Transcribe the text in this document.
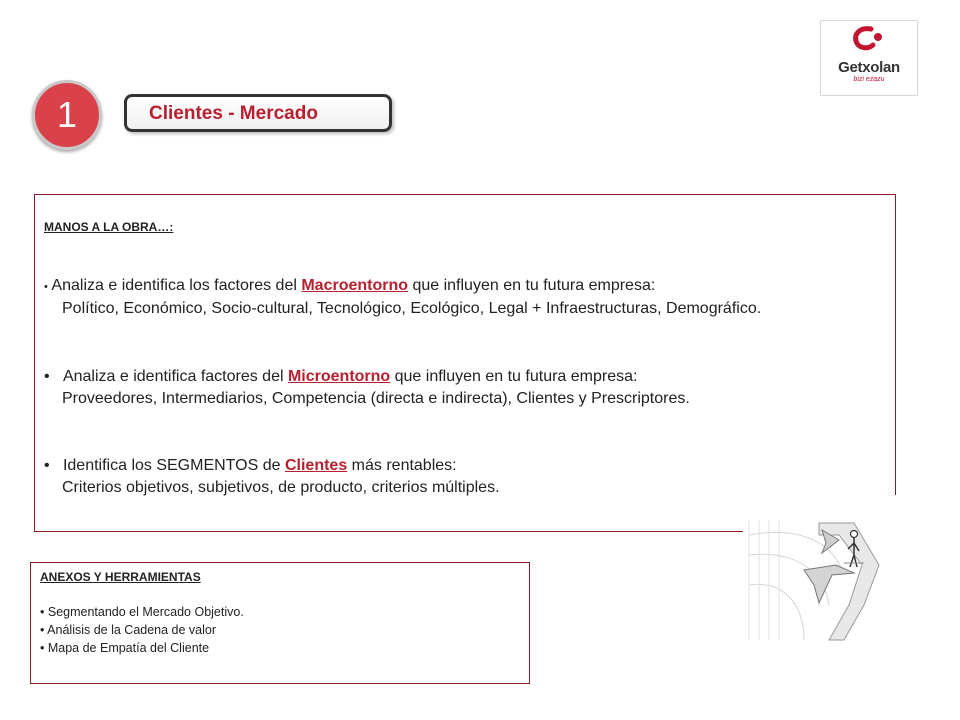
Getxolan
bizi ezazu
1	Clientes - Mercado
MANOS A LA OBRA…:
• Analiza e identifica los factores del Macroentorno que influyen en tu futura empresa:
Político, Económico, Socio-cultural, Tecnológico, Ecológico, Legal + Infraestructuras, Demográfico.
• Analiza e identifica factores del Microentorno que influyen en tu futura empresa:
Proveedores, Intermediarios, Competencia (directa e indirecta), Clientes y Prescriptores.
• Identifica los SEGMENTOS de Clientes más rentables:
Criterios objetivos, subjetivos, de producto, criterios múltiples.
ANEXOS Y HERRAMIENTAS
• Segmentando el Mercado Objetivo.
• Análisis de la Cadena de valor
• Mapa de Empatía del Cliente
